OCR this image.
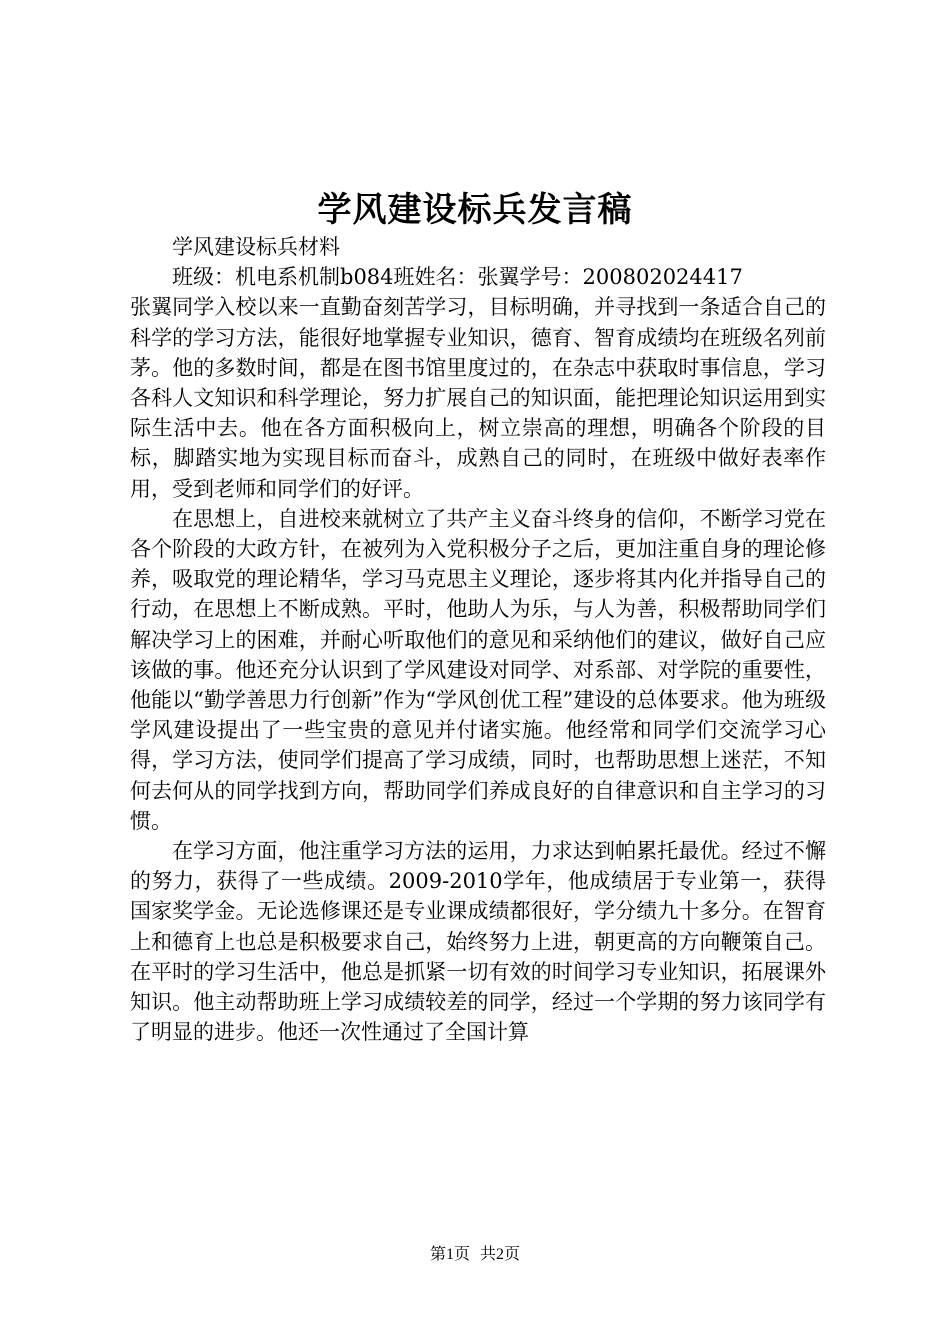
学风建设标兵发言稿

学风建设标兵材料

班级：机电系机制b084班姓名：张翼学号：200802024417

张翼同学入校以来一直勤奋刻苦学习，目标明确，并寻找到一条适合自己的科学的学习方法，能很好地掌握专业知识，德育、智育成绩均在班级名列前茅。他的多数时间，都是在图书馆里度过的，在杂志中获取时事信息，学习各科人文知识和科学理论，努力扩展自己的知识面，能把理论知识运用到实际生活中去。他在各方面积极向上，树立崇高的理想，明确各个阶段的目标，脚踏实地为实现目标而奋斗，成熟自己的同时，在班级中做好表率作用，受到老师和同学们的好评。

在思想上，自进校来就树立了共产主义奋斗终身的信仰，不断学习党在各个阶段的大政方针，在被列为入党积极分子之后，更加注重自身的理论修养，吸取党的理论精华，学习马克思主义理论，逐步将其内化并指导自己的行动，在思想上不断成熟。平时，他助人为乐，与人为善，积极帮助同学们解决学习上的困难，并耐心听取他们的意见和采纳他们的建议，做好自己应该做的事。他还充分认识到了学风建设对同学、对系部、对学院的重要性，他能以“勤学善思力行创新”作为“学风创优工程”建设的总体要求。他为班级学风建设提出了一些宝贵的意见并付诸实施。他经常和同学们交流学习心得，学习方法，使同学们提高了学习成绩，同时，也帮助思想上迷茫，不知何去何从的同学找到方向，帮助同学们养成良好的自律意识和自主学习的习惯。

在学习方面，他注重学习方法的运用，力求达到帕累托最优。经过不懈的努力，获得了一些成绩。2009-2010学年，他成绩居于专业第一，获得国家奖学金。无论选修课还是专业课成绩都很好，学分绩九十多分。在智育上和德育上也总是积极要求自己，始终努力上进，朝更高的方向鞭策自己。在平时的学习生活中，他总是抓紧一切有效的时间学习专业知识，拓展课外知识。他主动帮助班上学习成绩较差的同学，经过一个学期的努力该同学有了明显的进步。他还一次性通过了全国计算

第1页 共2页
